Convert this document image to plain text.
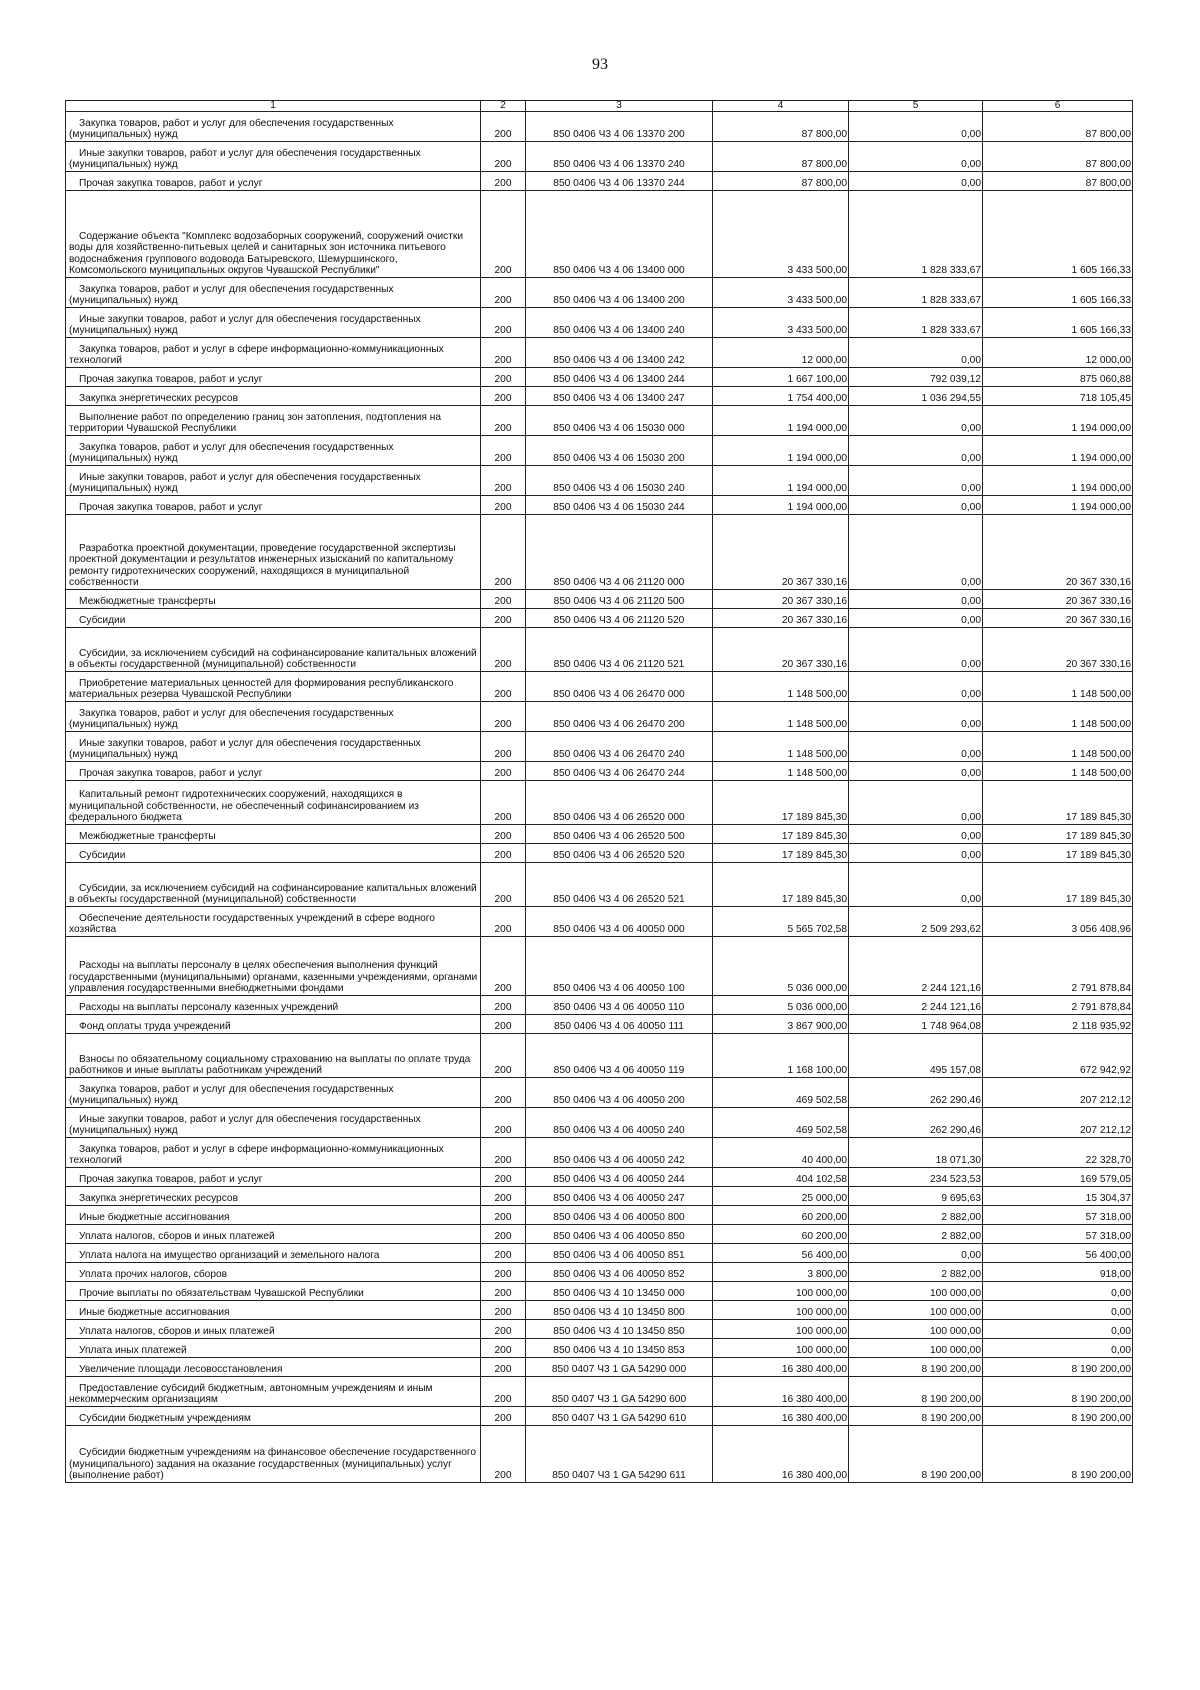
93
1	2	3	4	5	6

Закупка товаров, работ и услуг для обеспечения государственных (муниципальных) нужд	200	850 0406 Ч3 4 06 13370 200	87 800,00	0,00	87 800,00

Иные закупки товаров, работ и услуг для обеспечения государственных (муниципальных) нужд	200	850 0406 Ч3 4 06 13370 240	87 800,00	0,00	87 800,00

Прочая закупка товаров, работ и услуг	200	850 0406 Ч3 4 06 13370 244	87 800,00	0,00	87 800,00

Содержание объекта "Комплекс водозаборных сооружений, сооружений очистки воды для хозяйственно-питьевых целей и санитарных зон источника питьевого водоснабжения группового водовода Батыревского, Шемуршинского, Комсомольского муниципальных округов Чувашской Республики"	200	850 0406 Ч3 4 06 13400 000	3 433 500,00	1 828 333,67	1 605 166,33

Закупка товаров, работ и услуг для обеспечения государственных (муниципальных) нужд	200	850 0406 Ч3 4 06 13400 200	3 433 500,00	1 828 333,67	1 605 166,33

Иные закупки товаров, работ и услуг для обеспечения государственных (муниципальных) нужд	200	850 0406 Ч3 4 06 13400 240	3 433 500,00	1 828 333,67	1 605 166,33

Закупка товаров, работ и услуг в сфере информационно-коммуникационных технологий	200	850 0406 Ч3 4 06 13400 242	12 000,00	0,00	12 000,00

Прочая закупка товаров, работ и услуг	200	850 0406 Ч3 4 06 13400 244	1 667 100,00	792 039,12	875 060,88

Закупка энергетических ресурсов	200	850 0406 Ч3 4 06 13400 247	1 754 400,00	1 036 294,55	718 105,45

Выполнение работ по определению границ зон затопления, подтопления на территории Чувашской Республики	200	850 0406 Ч3 4 06 15030 000	1 194 000,00	0,00	1 194 000,00

Закупка товаров, работ и услуг для обеспечения государственных (муниципальных) нужд	200	850 0406 Ч3 4 06 15030 200	1 194 000,00	0,00	1 194 000,00

Иные закупки товаров, работ и услуг для обеспечения государственных (муниципальных) нужд	200	850 0406 Ч3 4 06 15030 240	1 194 000,00	0,00	1 194 000,00

Прочая закупка товаров, работ и услуг	200	850 0406 Ч3 4 06 15030 244	1 194 000,00	0,00	1 194 000,00

Разработка проектной документации, проведение государственной экспертизы проектной документации и результатов инженерных изысканий по капитальному ремонту гидротехнических сооружений, находящихся в муниципальной собственности	200	850 0406 Ч3 4 06 21120 000	20 367 330,16	0,00	20 367 330,16

Межбюджетные трансферты	200	850 0406 Ч3 4 06 21120 500	20 367 330,16	0,00	20 367 330,16

Субсидии	200	850 0406 Ч3 4 06 21120 520	20 367 330,16	0,00	20 367 330,16

Субсидии, за исключением субсидий на софинансирование капитальных вложений в объекты государственной (муниципальной) собственности	200	850 0406 Ч3 4 06 21120 521	20 367 330,16	0,00	20 367 330,16

Приобретение материальных ценностей для формирования республиканского материальных резерва Чувашской Республики	200	850 0406 Ч3 4 06 26470 000	1 148 500,00	0,00	1 148 500,00

Закупка товаров, работ и услуг для обеспечения государственных (муниципальных) нужд	200	850 0406 Ч3 4 06 26470 200	1 148 500,00	0,00	1 148 500,00

Иные закупки товаров, работ и услуг для обеспечения государственных (муниципальных) нужд	200	850 0406 Ч3 4 06 26470 240	1 148 500,00	0,00	1 148 500,00

Прочая закупка товаров, работ и услуг	200	850 0406 Ч3 4 06 26470 244	1 148 500,00	0,00	1 148 500,00

Капитальный ремонт гидротехнических сооружений, находящихся в муниципальной собственности, не обеспеченный софинансированием из федерального бюджета	200	850 0406 Ч3 4 06 26520 000	17 189 845,30	0,00	17 189 845,30

Межбюджетные трансферты	200	850 0406 Ч3 4 06 26520 500	17 189 845,30	0,00	17 189 845,30

Субсидии	200	850 0406 Ч3 4 06 26520 520	17 189 845,30	0,00	17 189 845,30

Субсидии, за исключением субсидий на софинансирование капитальных вложений в объекты государственной (муниципальной) собственности	200	850 0406 Ч3 4 06 26520 521	17 189 845,30	0,00	17 189 845,30

Обеспечение деятельности государственных учреждений в сфере водного хозяйства	200	850 0406 Ч3 4 06 40050 000	5 565 702,58	2 509 293,62	3 056 408,96

Расходы на выплаты персоналу в целях обеспечения выполнения функций государственными (муниципальными) органами, казенными учреждениями, органами управления государственными внебюджетными фондами	200	850 0406 Ч3 4 06 40050 100	5 036 000,00	2 244 121,16	2 791 878,84

Расходы на выплаты персоналу казенных учреждений	200	850 0406 Ч3 4 06 40050 110	5 036 000,00	2 244 121,16	2 791 878,84

Фонд оплаты труда учреждений	200	850 0406 Ч3 4 06 40050 111	3 867 900,00	1 748 964,08	2 118 935,92

Взносы по обязательному социальному страхованию на выплаты по оплате труда работников и иные выплаты работникам учреждений	200	850 0406 Ч3 4 06 40050 119	1 168 100,00	495 157,08	672 942,92

Закупка товаров, работ и услуг для обеспечения государственных (муниципальных) нужд	200	850 0406 Ч3 4 06 40050 200	469 502,58	262 290,46	207 212,12

Иные закупки товаров, работ и услуг для обеспечения государственных (муниципальных) нужд	200	850 0406 Ч3 4 06 40050 240	469 502,58	262 290,46	207 212,12

Закупка товаров, работ и услуг в сфере информационно-коммуникационных технологий	200	850 0406 Ч3 4 06 40050 242	40 400,00	18 071,30	22 328,70

Прочая закупка товаров, работ и услуг	200	850 0406 Ч3 4 06 40050 244	404 102,58	234 523,53	169 579,05

Закупка энергетических ресурсов	200	850 0406 Ч3 4 06 40050 247	25 000,00	9 695,63	15 304,37

Иные бюджетные ассигнования	200	850 0406 Ч3 4 06 40050 800	60 200,00	2 882,00	57 318,00

Уплата налогов, сборов и иных платежей	200	850 0406 Ч3 4 06 40050 850	60 200,00	2 882,00	57 318,00

Уплата налога на имущество организаций и земельного налога	200	850 0406 Ч3 4 06 40050 851	56 400,00	0,00	56 400,00

Уплата прочих налогов, сборов	200	850 0406 Ч3 4 06 40050 852	3 800,00	2 882,00	918,00

Прочие выплаты по обязательствам Чувашской Республики	200	850 0406 Ч3 4 10 13450 000	100 000,00	100 000,00	0,00

Иные бюджетные ассигнования	200	850 0406 Ч3 4 10 13450 800	100 000,00	100 000,00	0,00

Уплата налогов, сборов и иных платежей	200	850 0406 Ч3 4 10 13450 850	100 000,00	100 000,00	0,00

Уплата иных платежей	200	850 0406 Ч3 4 10 13450 853	100 000,00	100 000,00	0,00

Увеличение площади лесовосстановления	200	850 0407 Ч3 1 GA 54290 000	16 380 400,00	8 190 200,00	8 190 200,00

Предоставление субсидий бюджетным, автономным учреждениям и иным некоммерческим организациям	200	850 0407 Ч3 1 GA 54290 600	16 380 400,00	8 190 200,00	8 190 200,00

Субсидии бюджетным учреждениям	200	850 0407 Ч3 1 GA 54290 610	16 380 400,00	8 190 200,00	8 190 200,00

Субсидии бюджетным учреждениям на финансовое обеспечение государственного (муниципального) задания на оказание государственных (муниципальных) услуг (выполнение работ)	200	850 0407 Ч3 1 GA 54290 611	16 380 400,00	8 190 200,00	8 190 200,00
